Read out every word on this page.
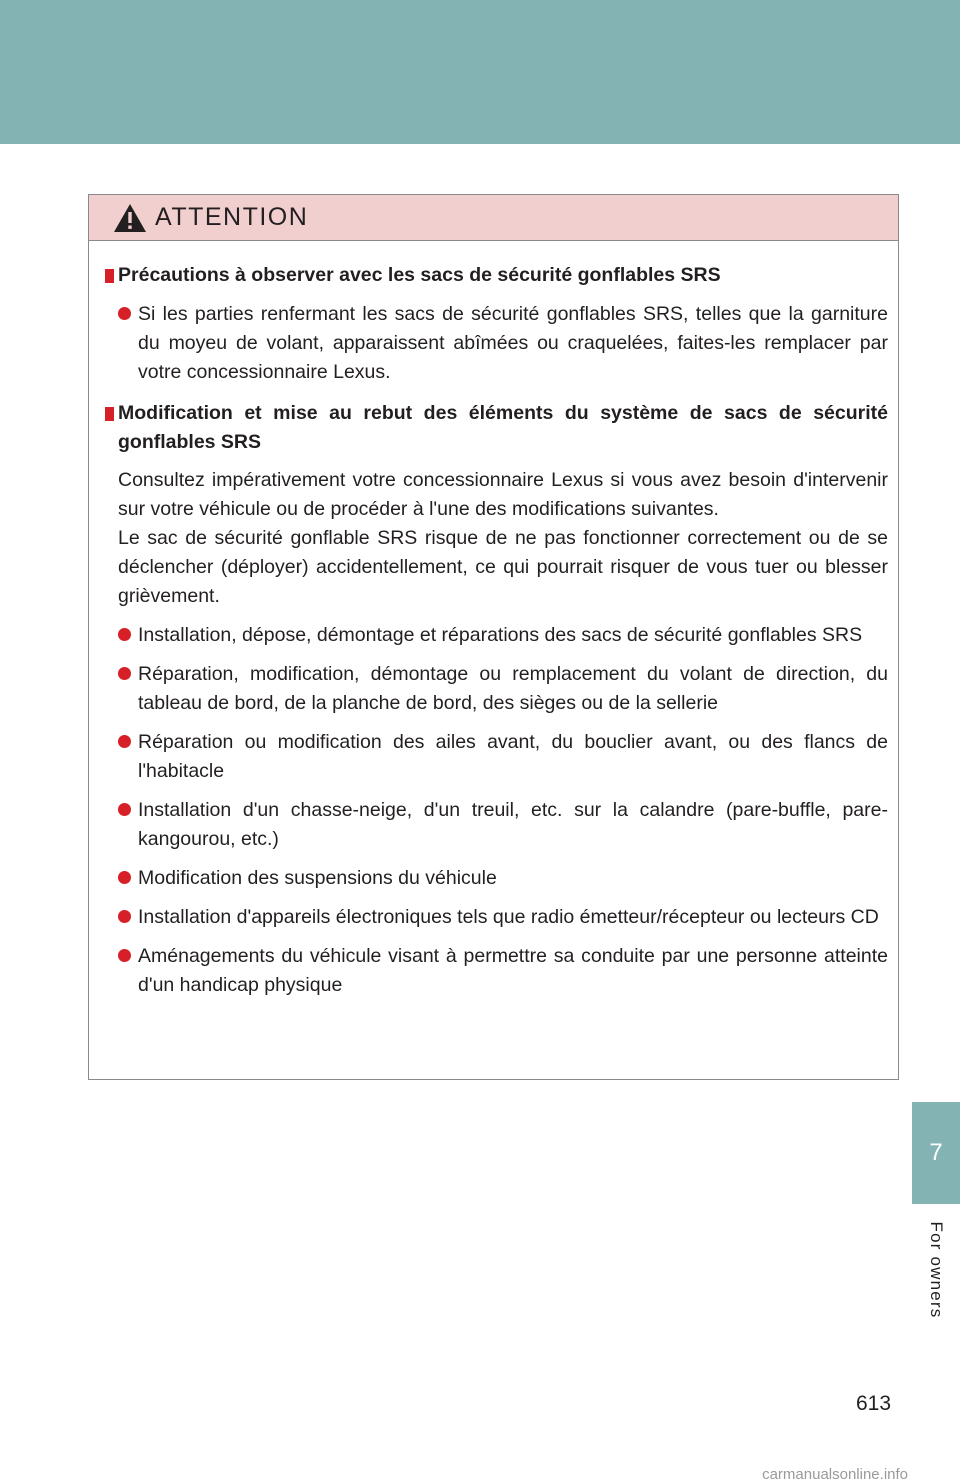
ATTENTION
Précautions à observer avec les sacs de sécurité gonflables SRS
Si les parties renfermant les sacs de sécurité gonflables SRS, telles que la garniture du moyeu de volant, apparaissent abîmées ou craquelées, faites-les remplacer par votre concessionnaire Lexus.
Modification et mise au rebut des éléments du système de sacs de sécurité gonflables SRS
Consultez impérativement votre concessionnaire Lexus si vous avez besoin d'intervenir sur votre véhicule ou de procéder à l'une des modifications suivantes.
Le sac de sécurité gonflable SRS risque de ne pas fonctionner correctement ou de se déclencher (déployer) accidentellement, ce qui pourrait risquer de vous tuer ou blesser grièvement.
Installation, dépose, démontage et réparations des sacs de sécurité gonflables SRS
Réparation, modification, démontage ou remplacement du volant de direction, du tableau de bord, de la planche de bord, des sièges ou de la sellerie
Réparation ou modification des ailes avant, du bouclier avant, ou des flancs de l'habitacle
Installation d'un chasse-neige, d'un treuil, etc. sur la calandre (pare-buffle, pare-kangourou, etc.)
Modification des suspensions du véhicule
Installation d'appareils électroniques tels que radio émetteur/récepteur ou lecteurs CD
Aménagements du véhicule visant à permettre sa conduite par une personne atteinte d'un handicap physique
7
For owners
613
carmanualsonline.info
